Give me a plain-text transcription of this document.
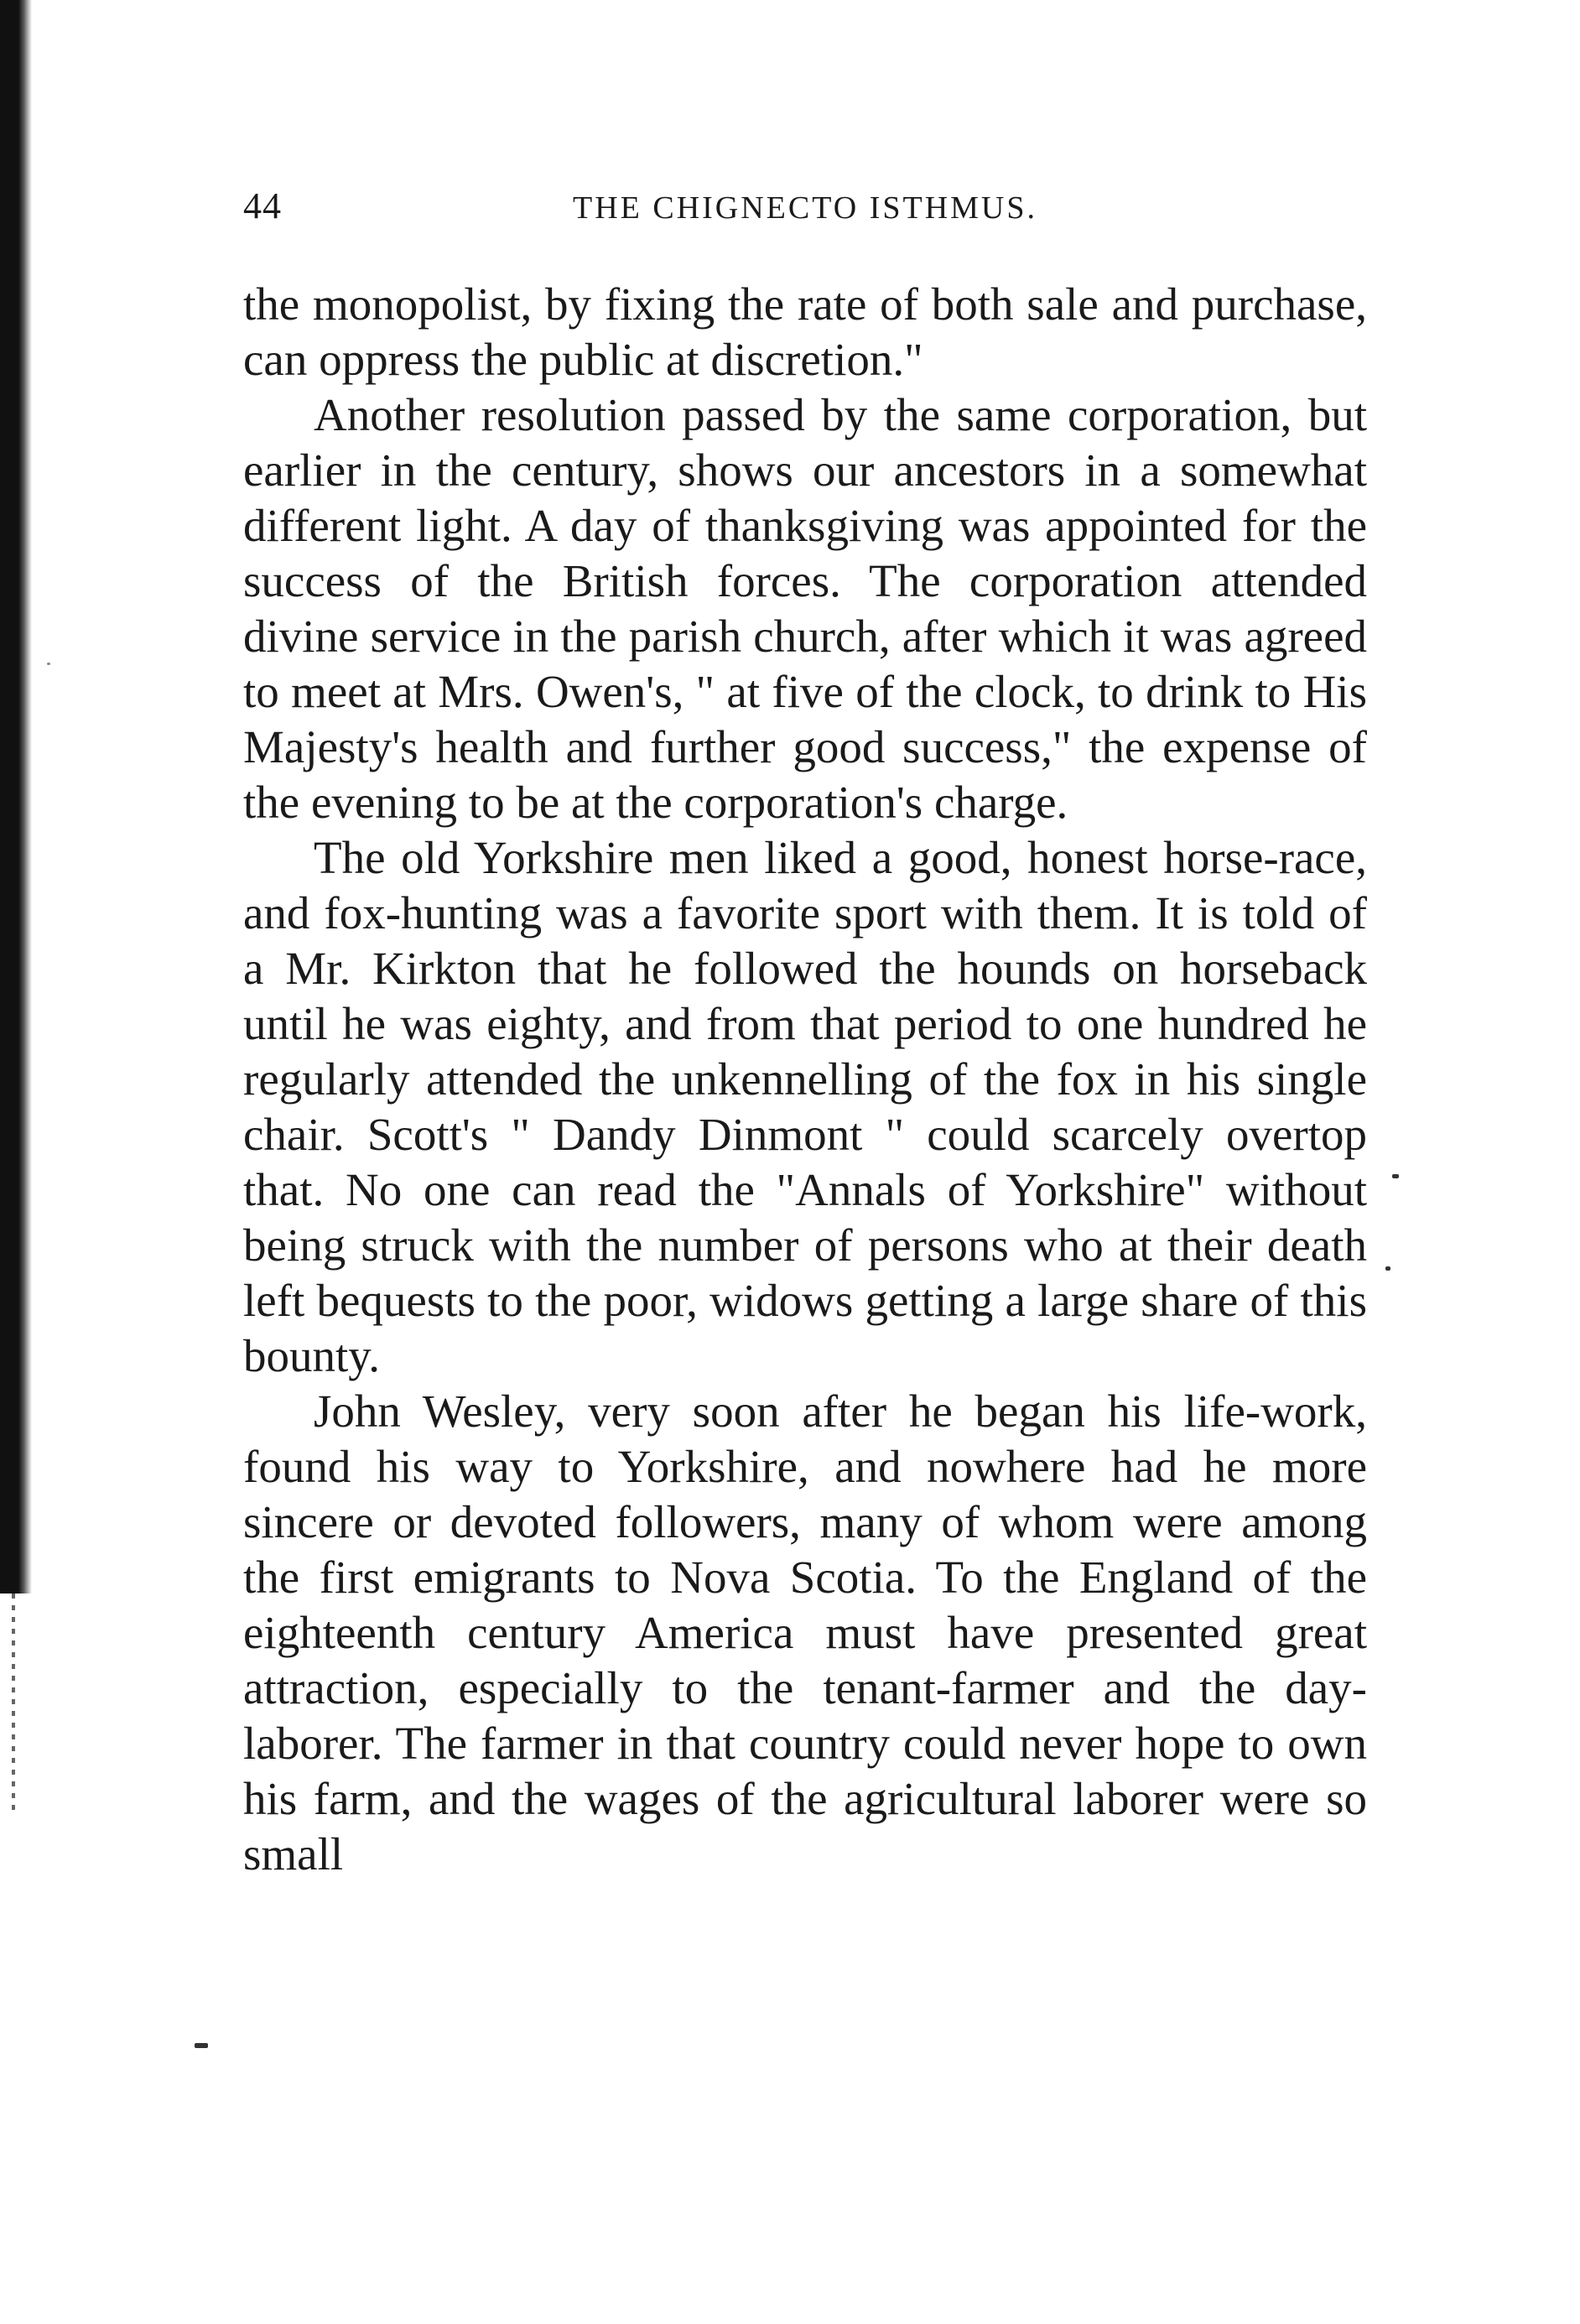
44	THE CHIGNECTO ISTHMUS.

the monopolist, by fixing the rate of both sale and purchase, can oppress the public at discretion."

Another resolution passed by the same corporation, but earlier in the century, shows our ancestors in a somewhat different light. A day of thanksgiving was appointed for the success of the British forces. The corporation attended divine service in the parish church, after which it was agreed to meet at Mrs. Owen's, " at five of the clock, to drink to His Majesty's health and further good success," the expense of the evening to be at the corporation's charge.

The old Yorkshire men liked a good, honest horse-race, and fox-hunting was a favorite sport with them. It is told of a Mr. Kirkton that he followed the hounds on horseback until he was eighty, and from that period to one hundred he regularly attended the unkennelling of the fox in his single chair. Scott's " Dandy Dinmont " could scarcely overtop that. No one can read the "Annals of Yorkshire" without being struck with the number of persons who at their death left bequests to the poor, widows getting a large share of this bounty.

John Wesley, very soon after he began his life-work, found his way to Yorkshire, and nowhere had he more sincere or devoted followers, many of whom were among the first emigrants to Nova Scotia. To the England of the eighteenth century America must have presented great attraction, especially to the tenant-farmer and the day-laborer. The farmer in that country could never hope to own his farm, and the wages of the agricultural laborer were so small
